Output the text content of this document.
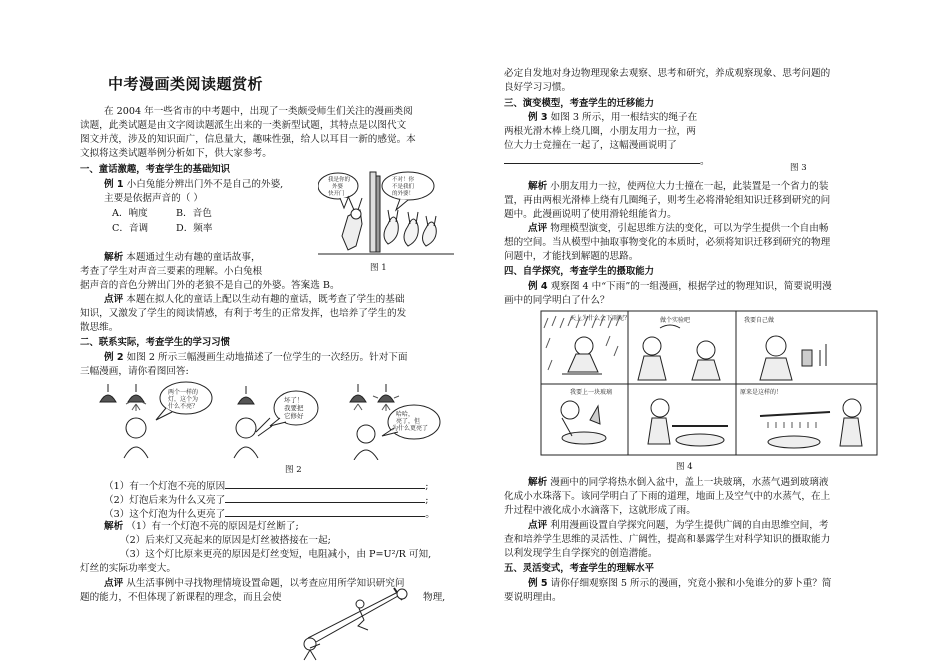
中考漫画类阅读题赏析
在 2004 年一些省市的中考题中，出现了一类颇受师生们关注的漫画类阅
读题，此类试题是由文字阅读题派生出来的一类新型试题，其特点是以图代文
图文并茂，涉及的知识面广，信息量大，趣味性强，给人以耳目一新的感觉。本
文拟将这类试题举例分析如下，供大家参考。
一、童话激趣，考查学生的基础知识
例 1 小白兔能分辨出门外不是自己的外婆,
主要是依据声音的（ ）
A．响度	B．音色
C．音调	D．频率
我是你的
外婆
快开门
不对！你
不是我们
的外婆！
图 1
解析 本题通过生动有趣的童话故事，
考查了学生对声音三要素的理解。小白兔根
据声音的音色分辨出门外的老狼不是自己的外婆。答案选 B。
点评 本题在拟人化的童话上配以生动有趣的童话，既考查了学生的基础
知识，又激发了学生的阅读情感，有利于考生的正常发挥，也培养了学生的发
散思维。
二、联系实际，考查学生的学习习惯
例 2 如图 2 所示三幅漫画生动地描述了一位学生的一次经历。针对下面
三幅漫画，请你看图回答:
两个一样的
灯，这个为
什么不亮？
坏了！
我要把
它修好	哈哈，
亮了，但
为什么更亮了
图 2
（1）有一个灯泡不亮的原因	;
（2）灯泡后来为什么又亮了	;
（3）这个灯泡为什么更亮了	。
解析 （1）有一个灯泡不亮的原因是灯丝断了;
（2）后来灯又亮起来的原因是灯丝被搭接在一起;
（3）这个灯比原来更亮的原因是灯丝变短，电阻减小，由 P=U²/R 可知,
灯丝的实际功率变大。
点评 从生活事例中寻找物理情境设置命题，以考查应用所学知识研究问
题的能力，不但体现了新课程的理念，而且会使	物理,
必定自发地对身边物理现象去观察、思考和研究，养成观察现象、思考问题的
良好学习习惯。
三、演变模型，考查学生的迁移能力
例 3 如图 3 所示，用一根结实的绳子在
两根光滑木棒上绕几圈，小朋友用力一拉，两
位大力士竞撞在一起了，这幅漫画说明了
。
图 3
解析 小朋友用力一拉，使两位大力士撞在一起，此装置是一个省力的装
置，再由两根光滑棒上绕有几圈绳子，则考生必将滑轮组知识迁移到研究的问
题中。此漫画说明了使用滑轮组能省力。
点评 物理模型演变，引起思维方法的变化，可以为学生提供一个自由畅
想的空间。当从模型中抽取事物变化的本质时，必须将知识迁移到研究的物理
问题中，才能找到解题的思路。
四、自学探究，考查学生的摄取能力
例 4 观察图 4 中“下雨”的一组漫画，根据学过的物理知识，简要说明漫
画中的同学明白了什么？
天上为什么会下雨呢？	做个实验吧	我要自己做
我要上一块玻璃	原来是这样的！
图 4
解析 漫画中的同学将热水倒入盆中，盖上一块玻璃，水蒸气遇到玻璃液
化成小水珠落下。该同学明白了下雨的道理，地面上及空气中的水蒸气，在上
升过程中液化成小水滴落下，这就形成了雨。
点评 利用漫画设置自学探究问题，为学生提供广阔的自由思维空间，考
查和培养学生思维的灵活性、广阔性，提高和暴露学生对科学知识的摄取能力
以利发现学生自学探究的创造潜能。
五、灵活变式，考查学生的理解水平
例 5 请你仔细观察图 5 所示的漫画，究竟小猴和小兔谁分的萝卜重？简
要说明理由。
